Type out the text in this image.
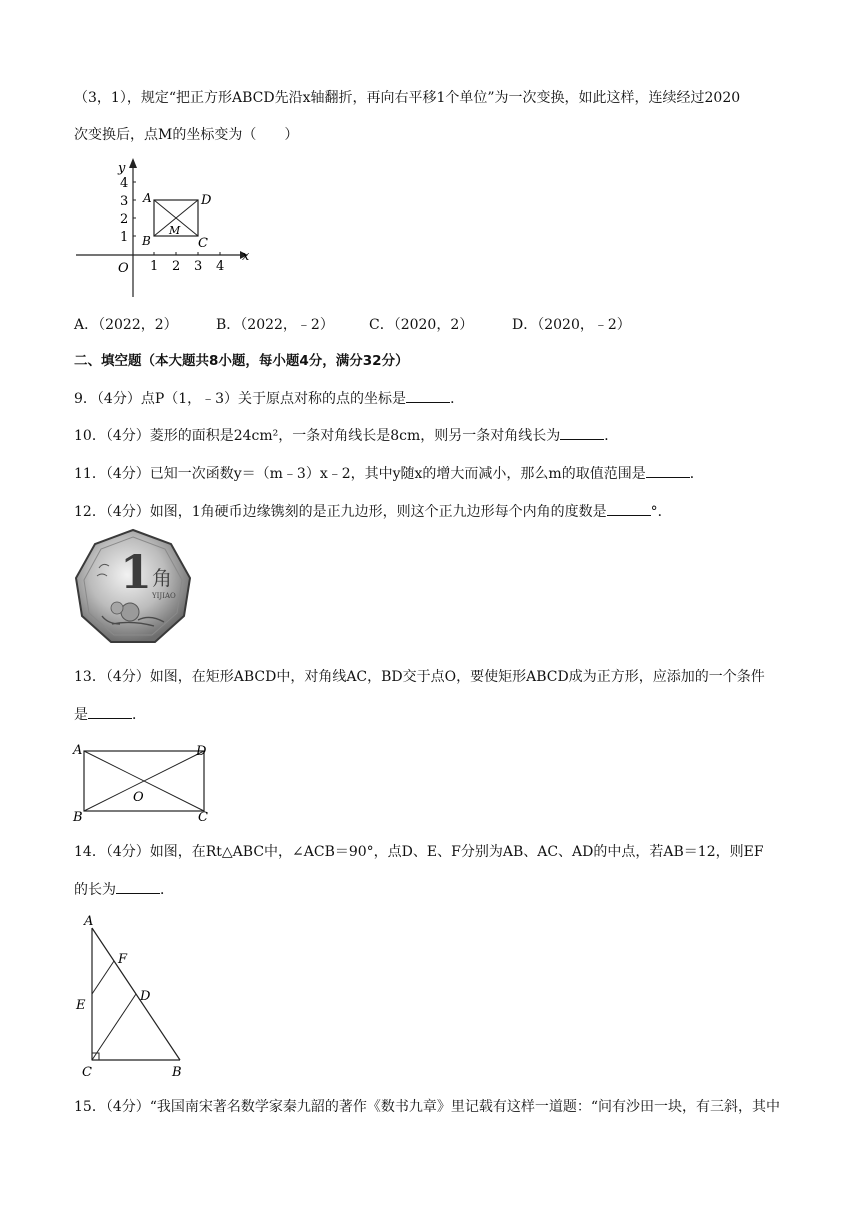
（3，1），规定“把正方形ABCD先沿x轴翻折，再向右平移1个单位”为一次变换，如此这样，连续经过2020
次变换后，点M的坐标变为（　　）
y
x
O
4
3
2
1
1 2 3 4
A	D
B	C
M
A．（2022，2）	B．（2022，﹣2）	C．（2020，2）	D．（2020，﹣2）
二、填空题（本大题共8小题，每小题4分，满分32分）
9．（4分）点P（1，﹣3）关于原点对称的点的坐标是	．
10．（4分）菱形的面积是24cm²，一条对角线长是8cm，则另一条对角线长为	．
11．（4分）已知一次函数y＝（m﹣3）x﹣2，其中y随x的增大而减小，那么m的取值范围是	．
12．（4分）如图，1角硬币边缘镌刻的是正九边形，则这个正九边形每个内角的度数是	°．
1 角
YIJIAO
13．（4分）如图，在矩形ABCD中，对角线AC，BD交于点O，要使矩形ABCD成为正方形，应添加的一个条件
是	．
A	D
B	C
O
14．（4分）如图，在Rt△ABC中，∠ACB＝90°，点D、E、F分别为AB、AC、AD的中点，若AB＝12，则EF
的长为	．
A
F
D
E
C	B
15．（4分）“我国南宋著名数学家秦九韶的著作《数书九章》里记载有这样一道题：“问有沙田一块，有三斜，其中
